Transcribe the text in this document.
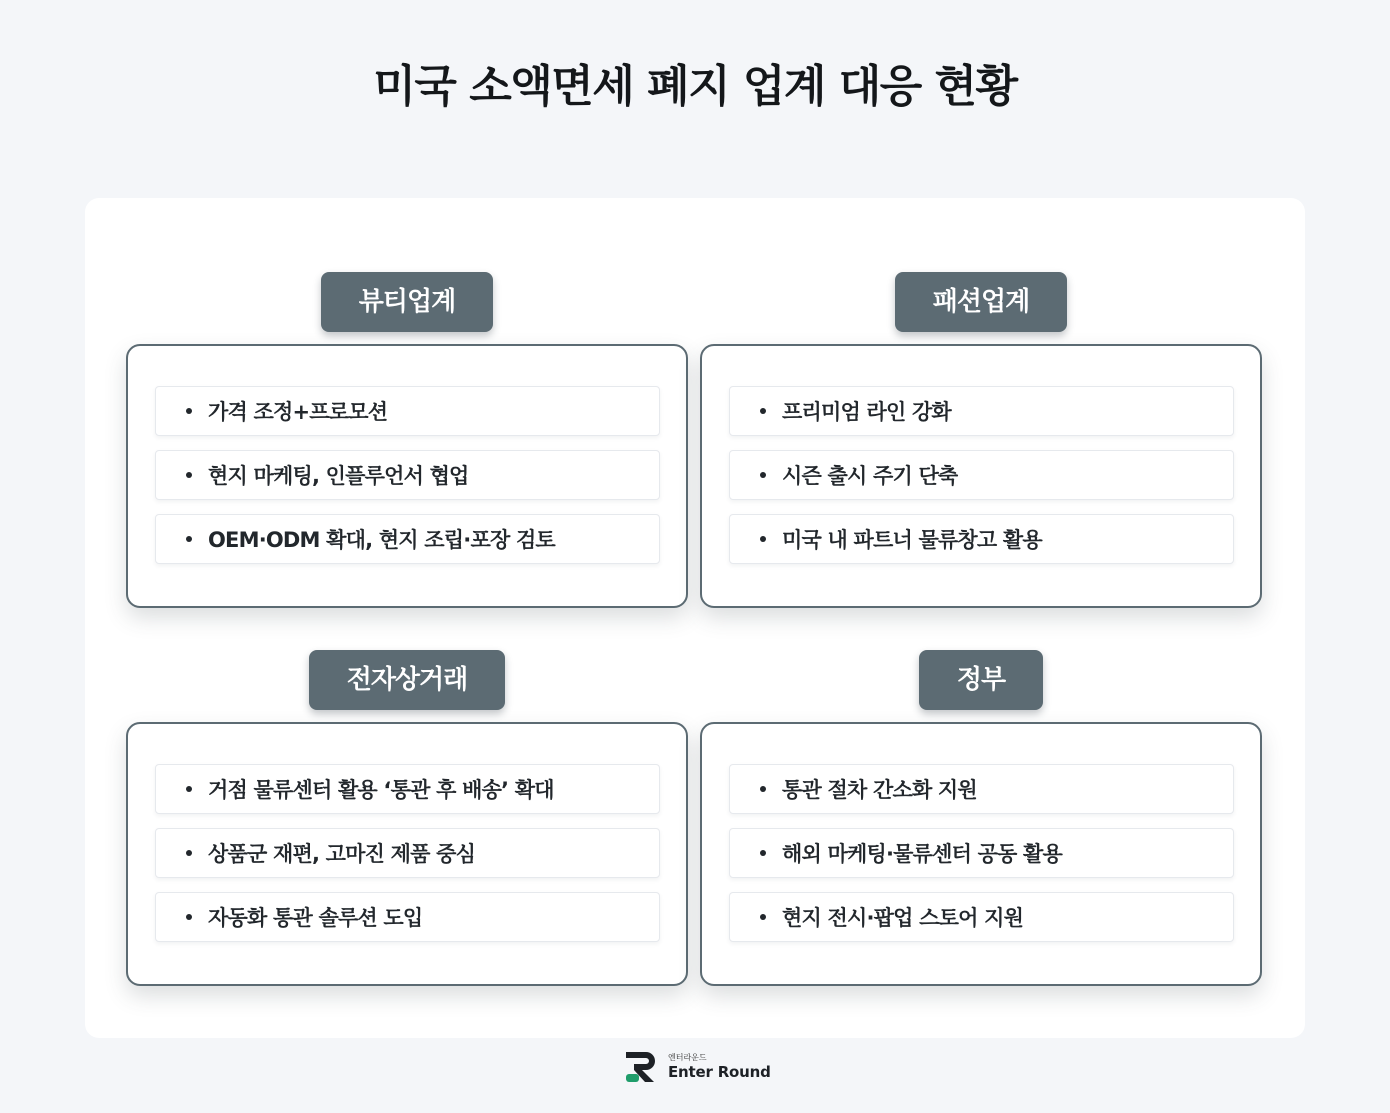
미국 소액면세 폐지 업계 대응 현황
뷰티업계
가격 조정+프로모션
현지 마케팅, 인플루언서 협업
OEM·ODM 확대, 현지 조립·포장 검토
패션업계
프리미엄 라인 강화
시즌 출시 주기 단축
미국 내 파트너 물류창고 활용
전자상거래
거점 물류센터 활용 ‘통관 후 배송’ 확대
상품군 재편, 고마진 제품 중심
자동화 통관 솔루션 도입
정부
통관 절차 간소화 지원
해외 마케팅·물류센터 공동 활용
현지 전시·팝업 스토어 지원
엔터라운드
Enter Round
